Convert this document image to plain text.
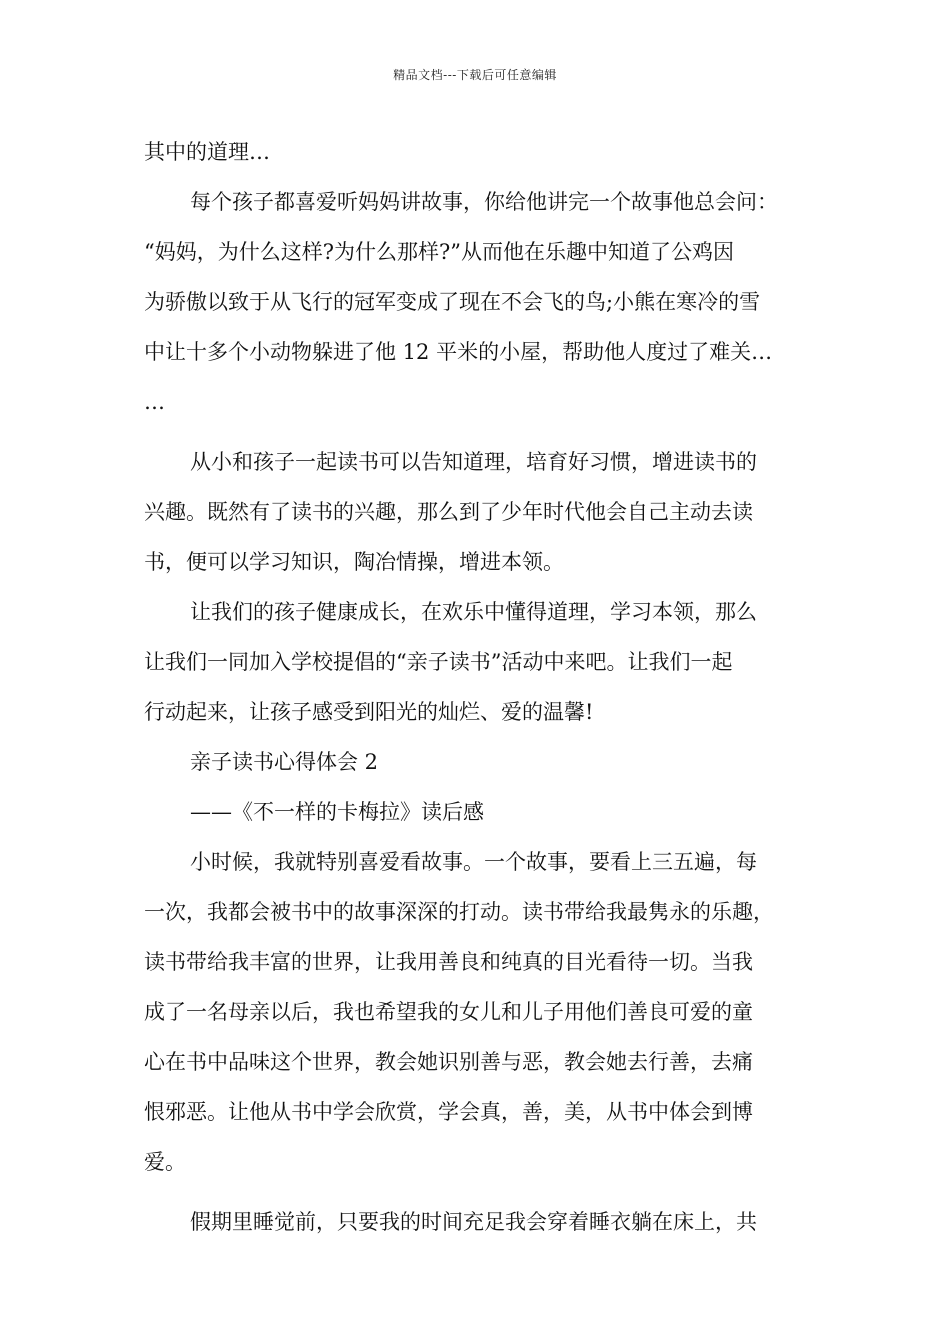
精品文档---下载后可任意编辑
其中的道理…
每个孩子都喜爱听妈妈讲故事，你给他讲完一个故事他总会问：
“妈妈，为什么这样?为什么那样?”从而他在乐趣中知道了公鸡因
为骄傲以致于从飞行的冠军变成了现在不会飞的鸟;小熊在寒冷的雪
中让十多个小动物躲进了他 12 平米的小屋，帮助他人度过了难关…
…
从小和孩子一起读书可以告知道理，培育好习惯，增进读书的
兴趣。既然有了读书的兴趣，那么到了少年时代他会自己主动去读
书，便可以学习知识，陶冶情操，增进本领。
让我们的孩子健康成长，在欢乐中懂得道理，学习本领，那么
让我们一同加入学校提倡的“亲子读书”活动中来吧。让我们一起
行动起来，让孩子感受到阳光的灿烂、爱的温馨!
亲子读书心得体会 2
——《不一样的卡梅拉》读后感
小时候，我就特别喜爱看故事。一个故事，要看上三五遍，每
一次，我都会被书中的故事深深的打动。读书带给我最隽永的乐趣，
读书带给我丰富的世界，让我用善良和纯真的目光看待一切。当我
成了一名母亲以后，我也希望我的女儿和儿子用他们善良可爱的童
心在书中品味这个世界，教会她识别善与恶，教会她去行善，去痛
恨邪恶。让他从书中学会欣赏，学会真，善，美，从书中体会到博
爱。
假期里睡觉前，只要我的时间充足我会穿着睡衣躺在床上，共
